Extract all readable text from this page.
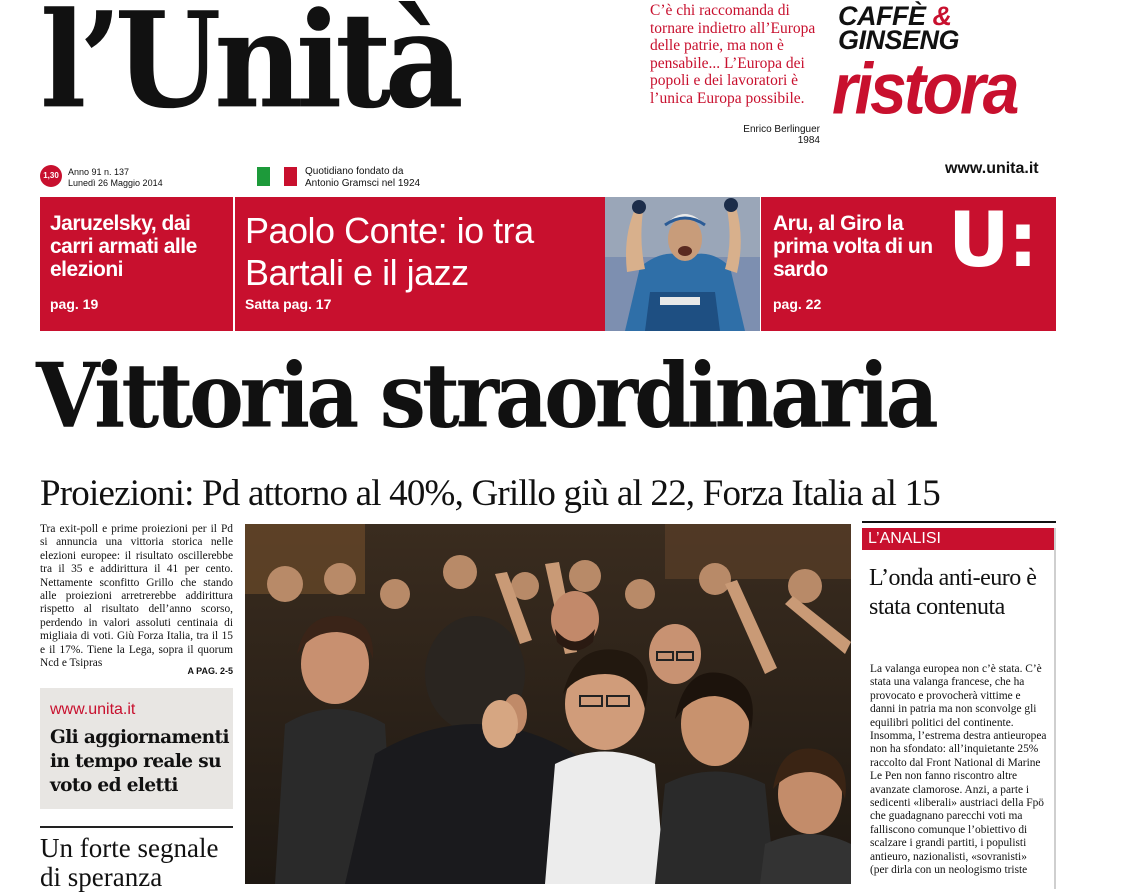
l’Unità	C’è chi raccomanda di tornare indietro all’Europa delle patrie, ma non è pensabile... L’Europa dei popoli e dei lavoratori è l’unica Europa possibile.
Enrico Berlinguer
1984
CAFFÈ &
GINSENG
ristora
1,30	Anno 91 n. 137
Lunedì 26 Maggio 2014
Quotidiano fondato da
Antonio Gramsci nel 1924
www.unita.it
Jaruzelsky, dai carri armati alle elezioni
pag. 19
Paolo Conte: io tra Bartali e il jazz
Satta pag. 17
Aru, al Giro la prima volta di un sardo
pag. 22
U:
Vittoria straordinaria
Proiezioni: Pd attorno al 40%, Grillo giù al 22, Forza Italia al 15
Tra exit-poll e prime proiezioni per il Pd si annuncia una vittoria storica nelle elezioni europee: il risultato oscillerebbe tra il 35 e addirittura il 41 per cento. Nettamente sconfitto Grillo che stando alle proiezioni arretrerebbe addirittura rispetto al risultato dell’anno scorso, perdendo in valori assoluti centinaia di migliaia di voti. Giù Forza Italia, tra il 15 e il 17%. Tiene la Lega, sopra il quorum Ncd e Tsipras
A PAG. 2-5
www.unita.it
Gli aggiornamenti in tempo reale su voto ed eletti
Un forte segnale di speranza
L’ANALISI
L’onda anti-euro è stata contenuta
La valanga europea non c’è stata. C’è stata una valanga francese, che ha provocato e provocherà vittime e danni in patria ma non sconvolge gli equilibri politici del continente. Insomma, l’estrema destra antieuropea non ha sfondato: all’inquietante 25% raccolto dal Front National di Marine Le Pen non fanno riscontro altre avanzate clamorose. Anzi, a parte i sedicenti «liberali» austriaci della Fpö che guadagnano parecchi voti ma falliscono comunque l’obiettivo di scalzare i grandi partiti, i populisti antieuro, nazionalisti, «sovranisti» (per dirla con un neologismo triste
